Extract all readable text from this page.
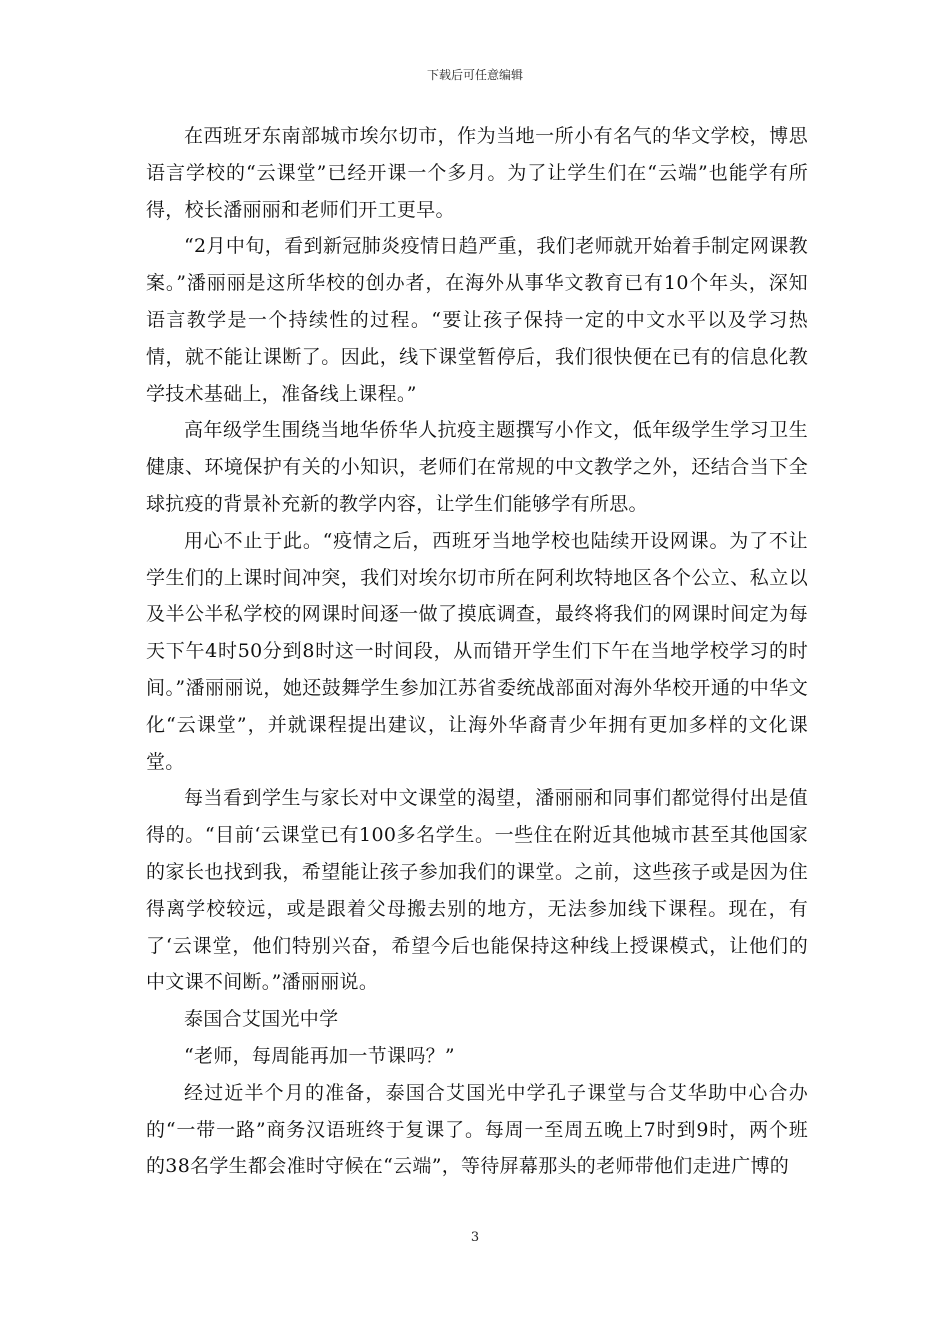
下载后可任意编辑

在西班牙东南部城市埃尔切市，作为当地一所小有名气的华文学校，博思语言学校的“云课堂”已经开课一个多月。为了让学生们在“云端”也能学有所得，校长潘丽丽和老师们开工更早。

“2月中旬，看到新冠肺炎疫情日趋严重，我们老师就开始着手制定网课教案。”潘丽丽是这所华校的创办者，在海外从事华文教育已有10个年头，深知语言教学是一个持续性的过程。“要让孩子保持一定的中文水平以及学习热情，就不能让课断了。因此，线下课堂暂停后，我们很快便在已有的信息化教学技术基础上，准备线上课程。”

高年级学生围绕当地华侨华人抗疫主题撰写小作文，低年级学生学习卫生健康、环境保护有关的小知识，老师们在常规的中文教学之外，还结合当下全球抗疫的背景补充新的教学内容，让学生们能够学有所思。

用心不止于此。“疫情之后，西班牙当地学校也陆续开设网课。为了不让学生们的上课时间冲突，我们对埃尔切市所在阿利坎特地区各个公立、私立以及半公半私学校的网课时间逐一做了摸底调查，最终将我们的网课时间定为每天下午4时50分到8时这一时间段，从而错开学生们下午在当地学校学习的时间。”潘丽丽说，她还鼓舞学生参加江苏省委统战部面对海外华校开通的中华文化“云课堂”，并就课程提出建议，让海外华裔青少年拥有更加多样的文化课堂。

每当看到学生与家长对中文课堂的渴望，潘丽丽和同事们都觉得付出是值得的。“目前‘云课堂已有100多名学生。一些住在附近其他城市甚至其他国家的家长也找到我，希望能让孩子参加我们的课堂。之前，这些孩子或是因为住得离学校较远，或是跟着父母搬去别的地方，无法参加线下课程。现在，有了‘云课堂，他们特别兴奋，希望今后也能保持这种线上授课模式，让他们的中文课不间断。”潘丽丽说。

泰国合艾国光中学

“老师，每周能再加一节课吗？”

经过近半个月的准备，泰国合艾国光中学孔子课堂与合艾华助中心合办的“一带一路”商务汉语班终于复课了。每周一至周五晚上7时到9时，两个班的38名学生都会准时守候在“云端”，等待屏幕那头的老师带他们走进广博的

3
